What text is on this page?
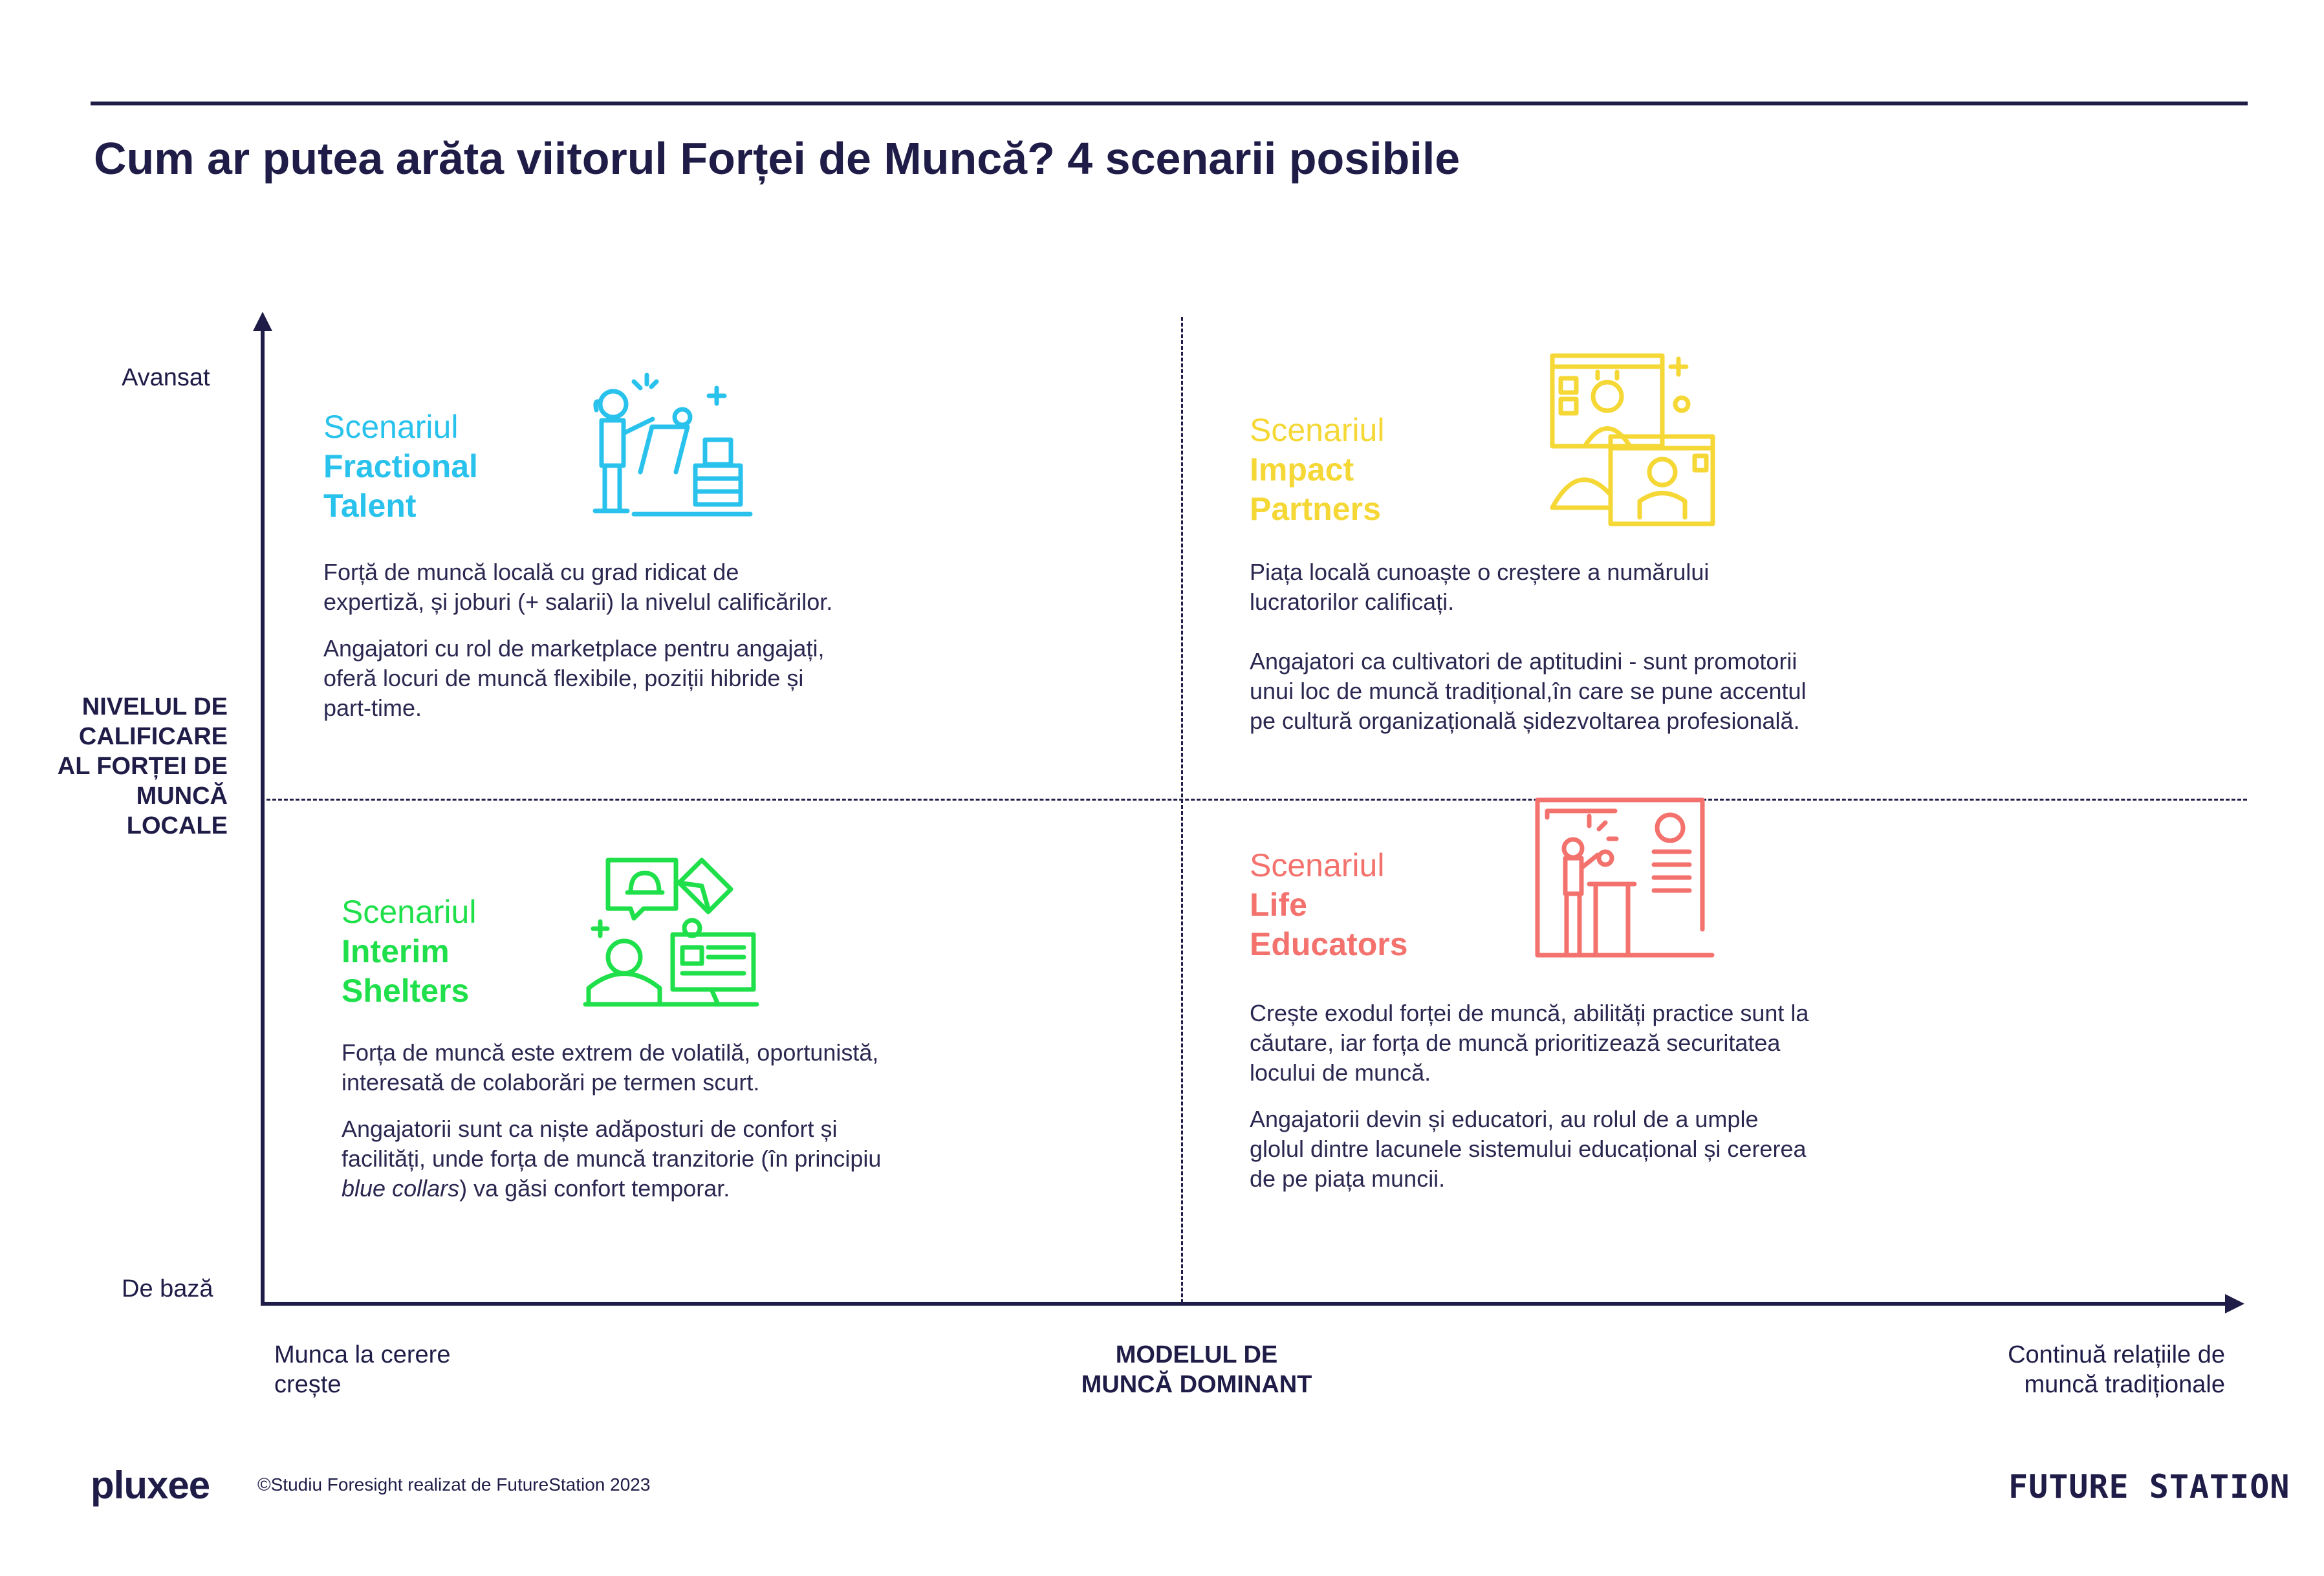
Cum ar putea arăta viitorul Forței de Muncă? 4 scenarii posibile
Avansat
De bază
NIVELUL DE
CALIFICARE
AL FORȚEI DE
MUNCĂ
LOCALE
Munca la cerere
crește
MODELUL DE
MUNCĂ DOMINANT
Continuă relațiile de
muncă tradiționale
Scenariul
Fractional
Talent

Forță de muncă locală cu grad ridicat de
expertiză, și joburi (+ salarii) la nivelul calificărilor.

Angajatori cu rol de marketplace pentru angajați,
oferă locuri de muncă flexibile, poziții hibride și
part-time.

Scenariul
Impact
Partners

Piața locală cunoaște o creștere a numărului
lucratorilor calificați.

Angajatori ca cultivatori de aptitudini - sunt promotorii
unui loc de muncă tradițional,în care se pune accentul
pe cultură organizațională șidezvoltarea profesională.

Scenariul
Interim
Shelters

Forța de muncă este extrem de volatilă, oportunistă,
interesată de colaborări pe termen scurt.

Angajatorii sunt ca niște adăposturi de confort și
facilități, unde forța de muncă tranzitorie (în principiu
blue collars) va găsi confort temporar.

Scenariul
Life
Educators

Crește exodul forței de muncă, abilități practice sunt la
căutare, iar forța de muncă prioritizează securitatea
locului de muncă.

Angajatorii devin și educatori, au rolul de a umple
glolul dintre lacunele sistemului educațional și cererea
de pe piața muncii.

pluxee	©Studiu Foresight realizat de FutureStation 2023	FUTURE STATION
